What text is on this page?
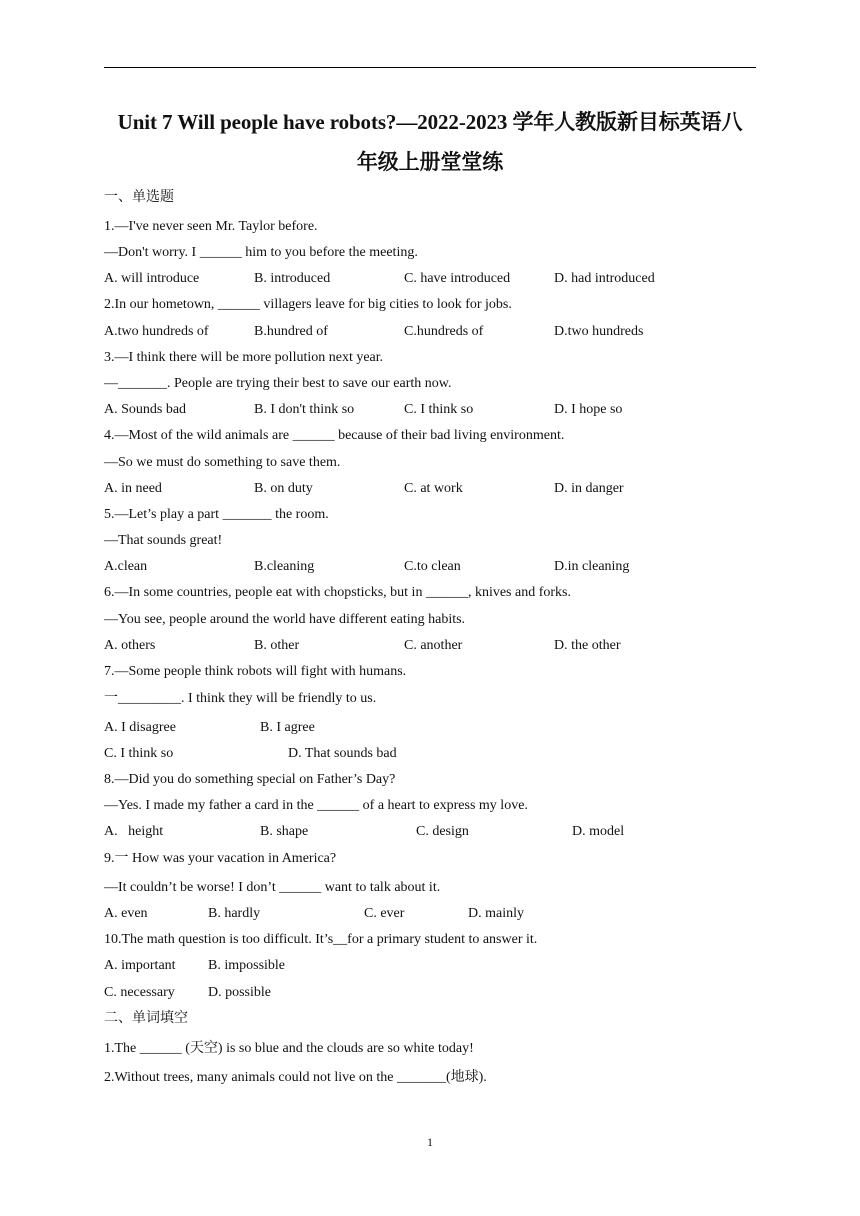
Unit 7 Will people have robots?—2022-2023 学年人教版新目标英语八
年级上册堂堂练
一、单选题
1.—I've never seen Mr. Taylor before.
—Don't worry. I ______ him to you before the meeting.
A. will introduce	B. introduced	C. have introduced	D. had introduced
2.In our hometown, ______ villagers leave for big cities to look for jobs.
A.two hundreds of	B.hundred of	C.hundreds of	D.two hundreds
3.—I think there will be more pollution next year.
—_______. People are trying their best to save our earth now.
A. Sounds bad	B. I don't think so	C. I think so	D. I hope so
4.—Most of the wild animals are ______ because of their bad living environment.
—So we must do something to save them.
A. in need	B. on duty	C. at work	D. in danger
5.—Let’s play a part _______ the room.
—That sounds great!
A.clean	B.cleaning	C.to clean	D.in cleaning
6.—In some countries, people eat with chopsticks, but in ______, knives and forks.
—You see, people around the world have different eating habits.
A. others	B. other	C. another	D. the other
7.—Some people think robots will fight with humans.
一_________. I think they will be friendly to us.
A. I disagree	B. I agree
C. I think so	D. That sounds bad
8.—Did you do something special on Father’s Day?
—Yes. I made my father a card in the ______ of a heart to express my love.
A.   height	B. shape	C. design	D. model
9.一 How was your vacation in America?
—It couldn’t be worse! I don’t ______ want to talk about it.
A. even	B. hardly	C. ever	D. mainly
10.The math question is too difficult. It’s__for a primary student to answer it.
A. important B. impossible
C. necessary D. possible
二、单词填空
1.The ______ (天空) is so blue and the clouds are so white today!
2.Without trees, many animals could not live on the _______(地球).
1
